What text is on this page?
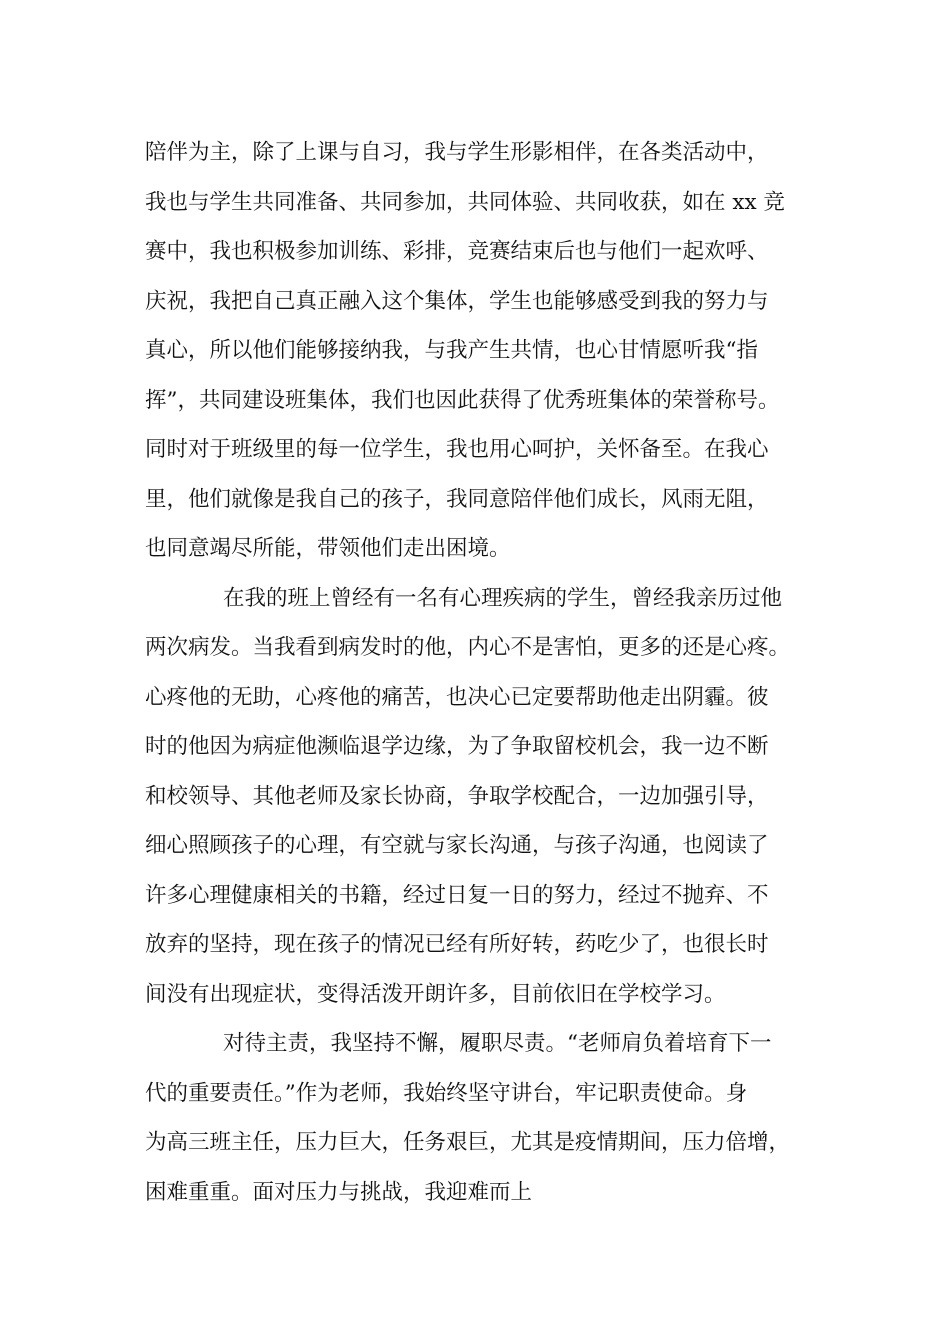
陪伴为主，除了上课与自习，我与学生形影相伴，在各类活动中，
我也与学生共同准备、共同参加，共同体验、共同收获，如在 xx 竞
赛中，我也积极参加训练、彩排，竞赛结束后也与他们一起欢呼、
庆祝，我把自己真正融入这个集体，学生也能够感受到我的努力与
真心，所以他们能够接纳我，与我产生共情，也心甘情愿听我“指
挥”，共同建设班集体，我们也因此获得了优秀班集体的荣誉称号。
同时对于班级里的每一位学生，我也用心呵护，关怀备至。在我心
里，他们就像是我自己的孩子，我同意陪伴他们成长，风雨无阻，
也同意竭尽所能，带领他们走出困境。
在我的班上曾经有一名有心理疾病的学生，曾经我亲历过他
两次病发。当我看到病发时的他，内心不是害怕，更多的还是心疼。
心疼他的无助，心疼他的痛苦，也决心已定要帮助他走出阴霾。彼
时的他因为病症他濒临退学边缘，为了争取留校机会，我一边不断
和校领导、其他老师及家长协商，争取学校配合，一边加强引导，
细心照顾孩子的心理，有空就与家长沟通，与孩子沟通，也阅读了
许多心理健康相关的书籍，经过日复一日的努力，经过不抛弃、不
放弃的坚持，现在孩子的情况已经有所好转，药吃少了，也很长时
间没有出现症状，变得活泼开朗许多，目前依旧在学校学习。
对待主责，我坚持不懈，履职尽责。“老师肩负着培育下一
代的重要责任。”作为老师，我始终坚守讲台，牢记职责使命。身
为高三班主任，压力巨大，任务艰巨，尤其是疫情期间，压力倍增，
困难重重。面对压力与挑战，我迎难而上
